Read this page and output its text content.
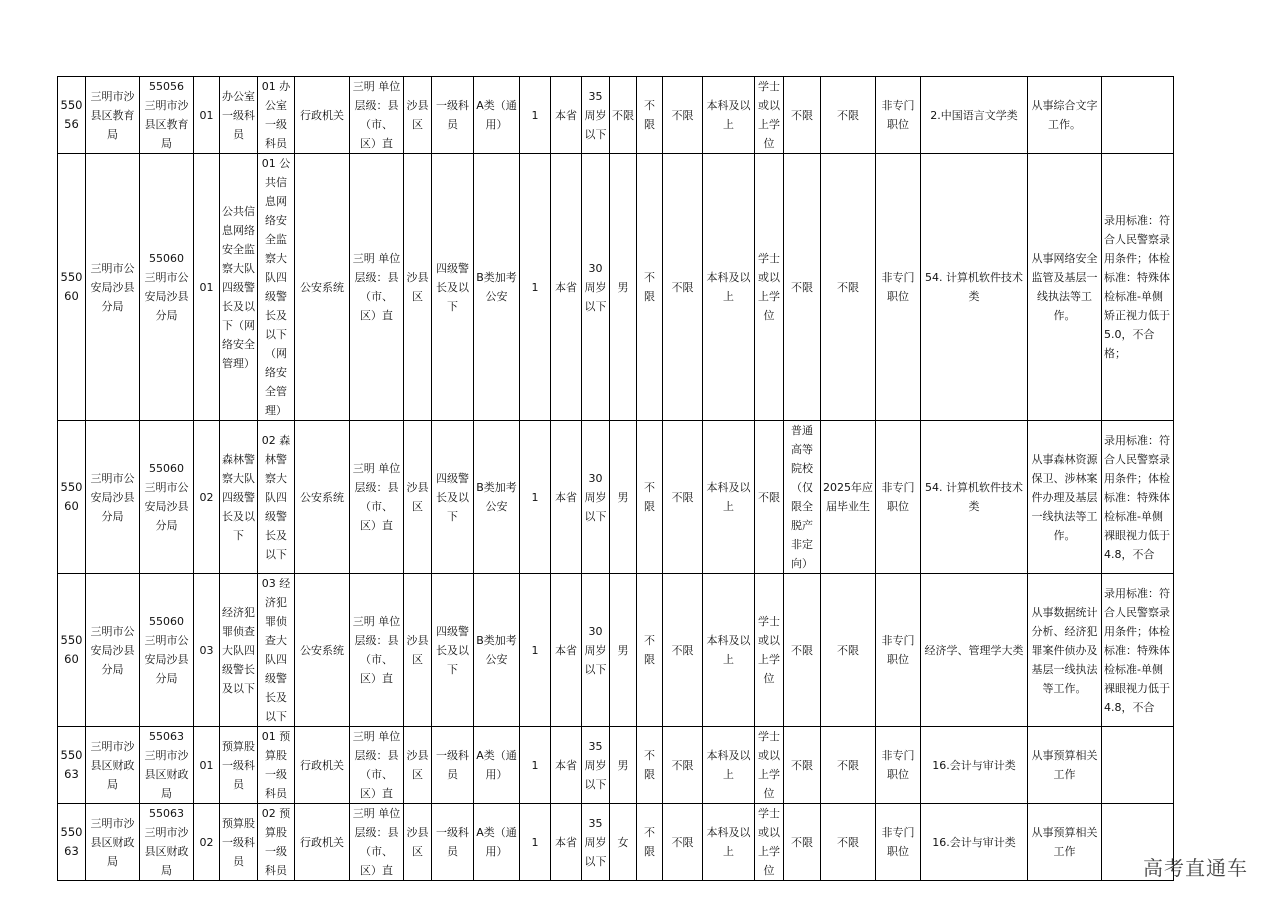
55056	三明市沙县区教育局	55056 三明市沙县区教育局	01	办公室一级科员	01 办公室一级科员	行政机关	三明 单位层级：县（市、区）直	沙县区	一级科员	A类（通用）	1	本省	35周岁以下	不限	不限	不限	本科及以上	学士或以上学位	不限	不限	非专门职位	2.中国语言文学类	从事综合文字工作。	
55060	三明市公安局沙县分局	55060 三明市公安局沙县分局	01	公共信息网络安全监察大队四级警长及以下（网络安全管理）	01 公共信息网络安全监察大队四级警长及以下（网络安全管理）	公安系统	三明 单位层级：县（市、区）直	沙县区	四级警长及以下	B类加考公安	1	本省	30周岁以下	男	不限	不限	本科及以上	学士或以上学位	不限	不限	非专门职位	54. 计算机软件技术类	从事网络安全监管及基层一线执法等工作。	录用标准：符合人民警察录用条件；体检标准：特殊体检标准-单侧矫正视力低于5.0，不合格；
55060	三明市公安局沙县分局	55060 三明市公安局沙县分局	02	森林警察大队四级警长及以下	02 森林警察大队四级警长及以下	公安系统	三明 单位层级：县（市、区）直	沙县区	四级警长及以下	B类加考公安	1	本省	30周岁以下	男	不限	不限	本科及以上	不限	普通高等院校（仅限全脱产非定向）	2025年应届毕业生	非专门职位	54. 计算机软件技术类	从事森林资源保卫、涉林案件办理及基层一线执法等工作。	录用标准：符合人民警察录用条件；体检标准：特殊体检标准-单侧裸眼视力低于4.8，不合
55060	三明市公安局沙县分局	55060 三明市公安局沙县分局	03	经济犯罪侦查大队四级警长及以下	03 经济犯罪侦查大队四级警长及以下	公安系统	三明 单位层级：县（市、区）直	沙县区	四级警长及以下	B类加考公安	1	本省	30周岁以下	男	不限	不限	本科及以上	学士或以上学位	不限	不限	非专门职位	经济学、管理学大类	从事数据统计分析、经济犯罪案件侦办及基层一线执法等工作。	录用标准：符合人民警察录用条件；体检标准：特殊体检标准-单侧裸眼视力低于4.8，不合
55063	三明市沙县区财政局	55063 三明市沙县区财政局	01	预算股一级科员	01 预算股一级科员	行政机关	三明 单位层级：县（市、区）直	沙县区	一级科员	A类（通用）	1	本省	35周岁以下	男	不限	不限	本科及以上	学士或以上学位	不限	不限	非专门职位	16.会计与审计类	从事预算相关工作	
55063	三明市沙县区财政局	55063 三明市沙县区财政局	02	预算股一级科员	02 预算股一级科员	行政机关	三明 单位层级：县（市、区）直	沙县区	一级科员	A类（通用）	1	本省	35周岁以下	女	不限	不限	本科及以上	学士或以上学位	不限	不限	非专门职位	16.会计与审计类	从事预算相关工作	
高考直通车
